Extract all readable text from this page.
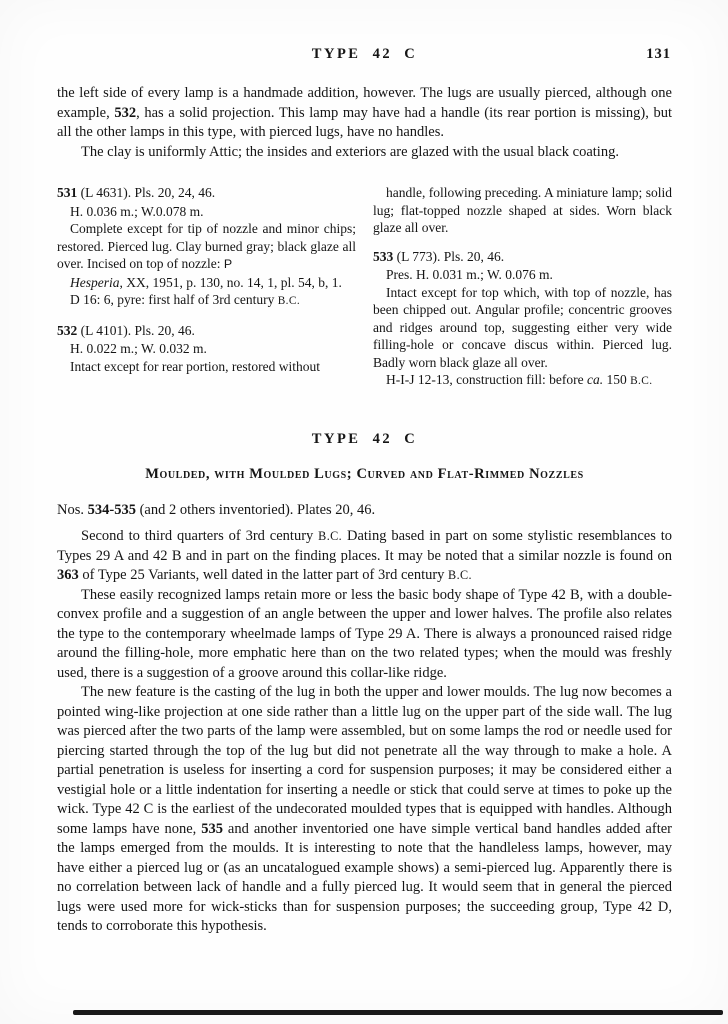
TYPE 42 C	131

the left side of every lamp is a handmade addition, however. The lugs are usually pierced, although one example, 532, has a solid projection. This lamp may have had a handle (its rear portion is missing), but all the other lamps in this type, with pierced lugs, have no handles.

The clay is uniformly Attic; the insides and exteriors are glazed with the usual black coating.

531 (L 4631). Pls. 20, 24, 46.

H. 0.036 m.; W.0.078 m.

Complete except for tip of nozzle and minor chips; restored. Pierced lug. Clay burned gray; black glaze all over. Incised on top of nozzle: P

Hesperia, XX, 1951, p. 130, no. 14, 1, pl. 54, b, 1.

D 16: 6, pyre: first half of 3rd century B.C.

532 (L 4101). Pls. 20, 46.

H. 0.022 m.; W. 0.032 m.

Intact except for rear portion, restored without

handle, following preceding. A miniature lamp; solid lug; flat-topped nozzle shaped at sides. Worn black glaze all over.

533 (L 773). Pls. 20, 46.

Pres. H. 0.031 m.; W. 0.076 m.

Intact except for top which, with top of nozzle, has been chipped out. Angular profile; concentric grooves and ridges around top, suggesting either very wide filling-hole or concave discus within. Pierced lug. Badly worn black glaze all over.

H-I-J 12-13, construction fill: before ca. 150 B.C.

TYPE 42 C
Moulded, with Moulded Lugs; Curved and Flat-Rimmed Nozzles

Nos. 534-535 (and 2 others inventoried). Plates 20, 46.

Second to third quarters of 3rd century B.C. Dating based in part on some stylistic resemblances to Types 29 A and 42 B and in part on the finding places. It may be noted that a similar nozzle is found on 363 of Type 25 Variants, well dated in the latter part of 3rd century B.C.

These easily recognized lamps retain more or less the basic body shape of Type 42 B, with a double-convex profile and a suggestion of an angle between the upper and lower halves. The profile also relates the type to the contemporary wheelmade lamps of Type 29 A. There is always a pronounced raised ridge around the filling-hole, more emphatic here than on the two related types; when the mould was freshly used, there is a suggestion of a groove around this collar-like ridge.

The new feature is the casting of the lug in both the upper and lower moulds. The lug now becomes a pointed wing-like projection at one side rather than a little lug on the upper part of the side wall. The lug was pierced after the two parts of the lamp were assembled, but on some lamps the rod or needle used for piercing started through the top of the lug but did not penetrate all the way through to make a hole. A partial penetration is useless for inserting a cord for suspension purposes; it may be considered either a vestigial hole or a little indentation for inserting a needle or stick that could serve at times to poke up the wick. Type 42 C is the earliest of the undecorated moulded types that is equipped with handles. Although some lamps have none, 535 and another inventoried one have simple vertical band handles added after the lamps emerged from the moulds. It is interesting to note that the handleless lamps, however, may have either a pierced lug or (as an uncatalogued example shows) a semi-pierced lug. Apparently there is no correlation between lack of handle and a fully pierced lug. It would seem that in general the pierced lugs were used more for wick-sticks than for suspension purposes; the succeeding group, Type 42 D, tends to corroborate this hypothesis.
